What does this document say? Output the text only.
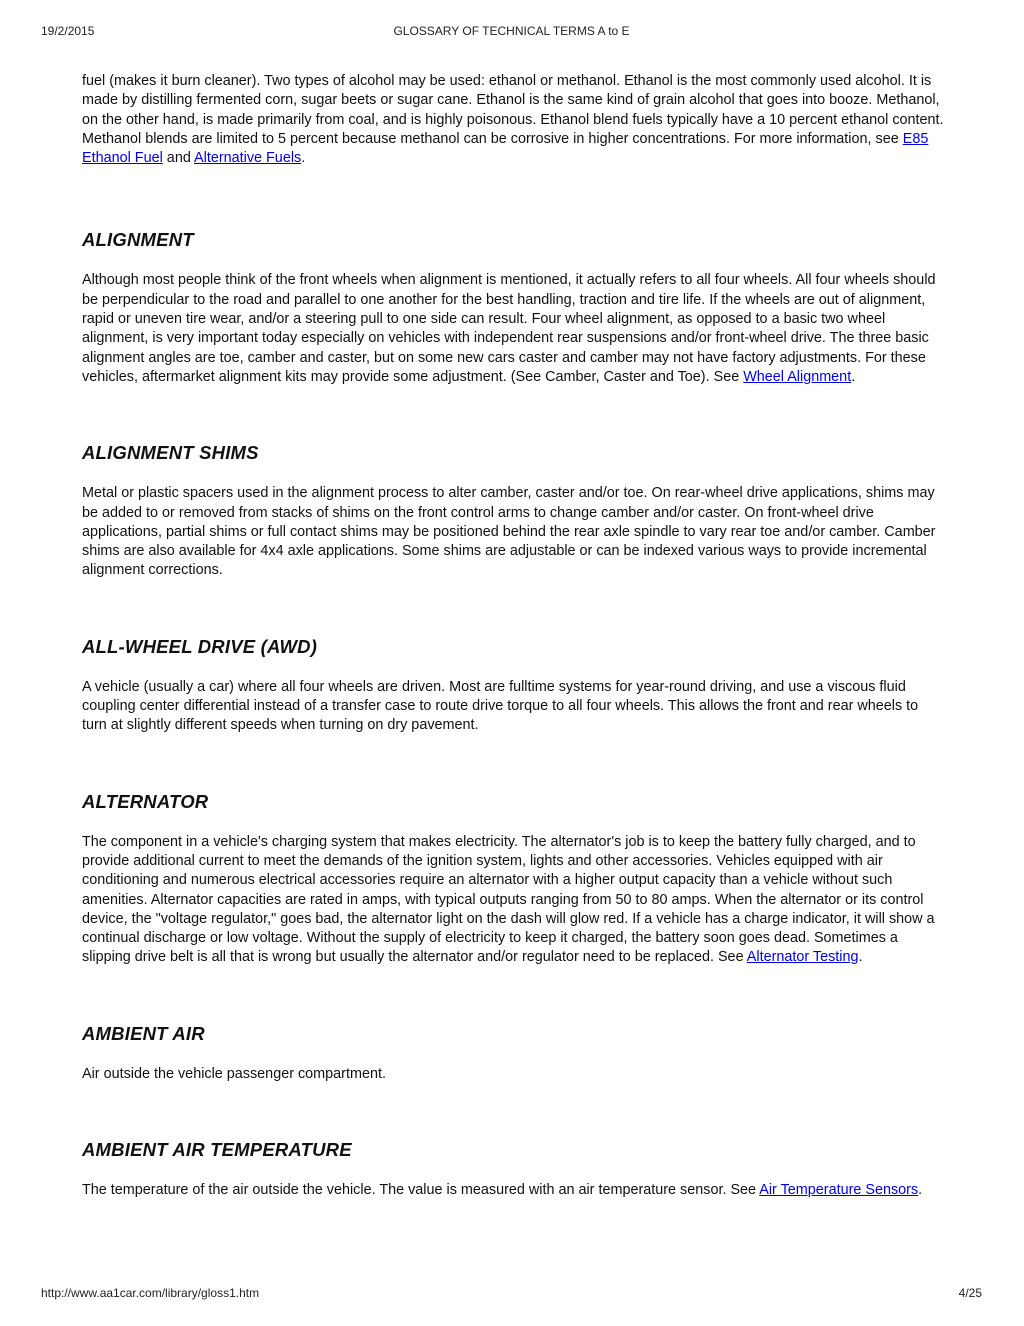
19/2/2015	GLOSSARY OF TECHNICAL TERMS A to E

fuel (makes it burn cleaner). Two types of alcohol may be used: ethanol or methanol. Ethanol is the most commonly used alcohol. It is made by distilling fermented corn, sugar beets or sugar cane. Ethanol is the same kind of grain alcohol that goes into booze. Methanol, on the other hand, is made primarily from coal, and is highly poisonous. Ethanol blend fuels typically have a 10 percent ethanol content. Methanol blends are limited to 5 percent because methanol can be corrosive in higher concentrations. For more information, see E85 Ethanol Fuel and Alternative Fuels.

ALIGNMENT

Although most people think of the front wheels when alignment is mentioned, it actually refers to all four wheels. All four wheels should be perpendicular to the road and parallel to one another for the best handling, traction and tire life. If the wheels are out of alignment, rapid or uneven tire wear, and/or a steering pull to one side can result. Four wheel alignment, as opposed to a basic two wheel alignment, is very important today especially on vehicles with independent rear suspensions and/or front-wheel drive. The three basic alignment angles are toe, camber and caster, but on some new cars caster and camber may not have factory adjustments. For these vehicles, aftermarket alignment kits may provide some adjustment. (See Camber, Caster and Toe). See Wheel Alignment.

ALIGNMENT SHIMS

Metal or plastic spacers used in the alignment process to alter camber, caster and/or toe. On rear-wheel drive applications, shims may be added to or removed from stacks of shims on the front control arms to change camber and/or caster. On front-wheel drive applications, partial shims or full contact shims may be positioned behind the rear axle spindle to vary rear toe and/or camber. Camber shims are also available for 4x4 axle applications. Some shims are adjustable or can be indexed various ways to provide incremental alignment corrections.

ALL-WHEEL DRIVE (AWD)

A vehicle (usually a car) where all four wheels are driven. Most are fulltime systems for year-round driving, and use a viscous fluid coupling center differential instead of a transfer case to route drive torque to all four wheels. This allows the front and rear wheels to turn at slightly different speeds when turning on dry pavement.

ALTERNATOR

The component in a vehicle's charging system that makes electricity. The alternator's job is to keep the battery fully charged, and to provide additional current to meet the demands of the ignition system, lights and other accessories. Vehicles equipped with air conditioning and numerous electrical accessories require an alternator with a higher output capacity than a vehicle without such amenities. Alternator capacities are rated in amps, with typical outputs ranging from 50 to 80 amps. When the alternator or its control device, the "voltage regulator," goes bad, the alternator light on the dash will glow red. If a vehicle has a charge indicator, it will show a continual discharge or low voltage. Without the supply of electricity to keep it charged, the battery soon goes dead. Sometimes a slipping drive belt is all that is wrong but usually the alternator and/or regulator need to be replaced. See Alternator Testing.

AMBIENT AIR

Air outside the vehicle passenger compartment.

AMBIENT AIR TEMPERATURE

The temperature of the air outside the vehicle. The value is measured with an air temperature sensor. See Air Temperature Sensors.

http://www.aa1car.com/library/gloss1.htm	4/25
